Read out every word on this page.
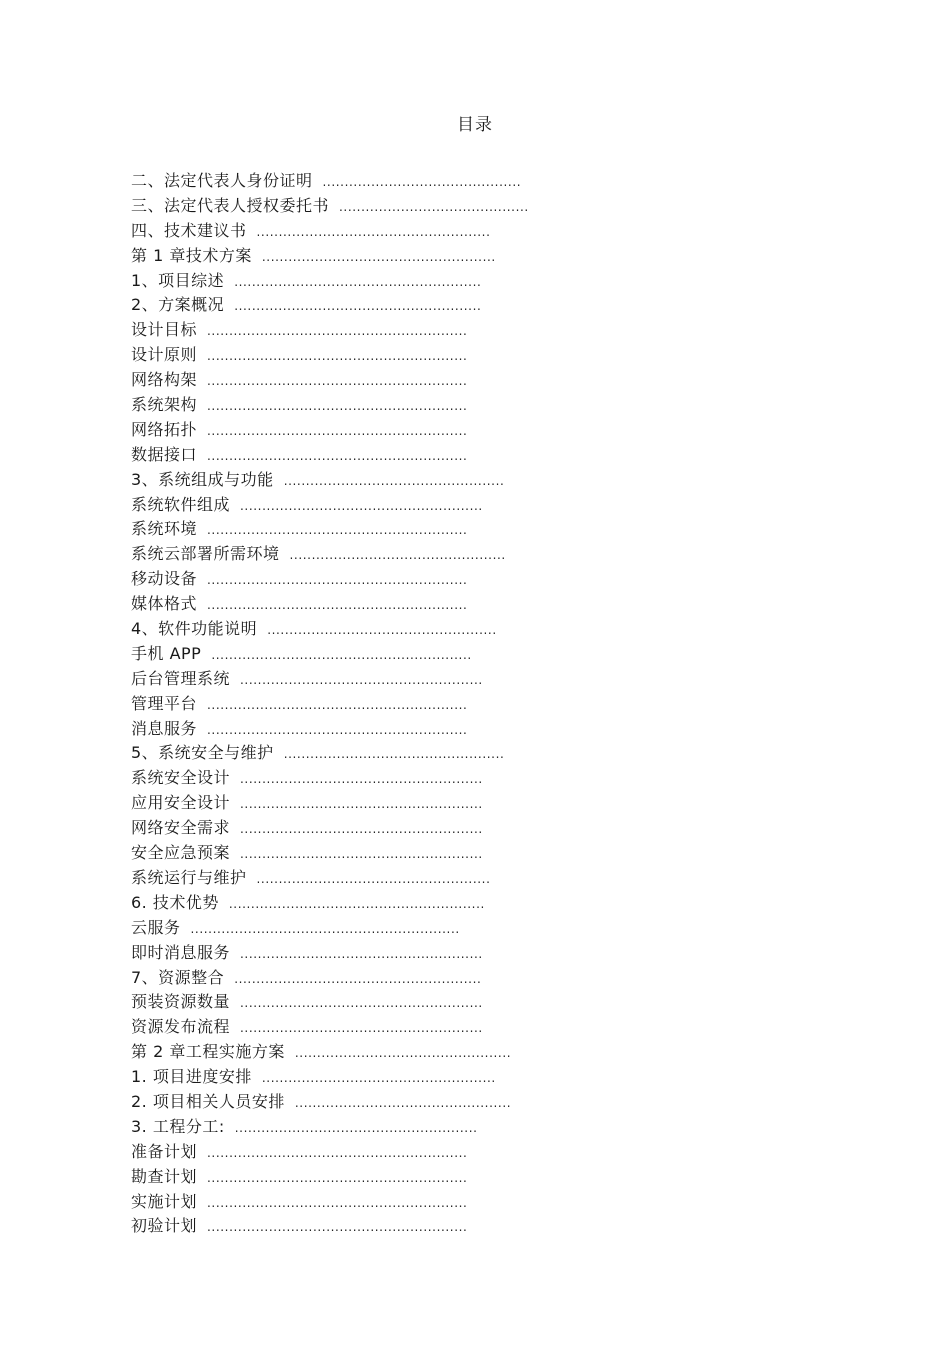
目录
二、法定代表人身份证明 .............................................
三、法定代表人授权委托书 ...........................................
四、技术建议书 .....................................................
第 1 章技术方案 .....................................................
1、项目综述 ........................................................
2、方案概况 ........................................................
设计目标 ...........................................................
设计原则 ...........................................................
网络构架 ...........................................................
系统架构 ...........................................................
网络拓扑 ...........................................................
数据接口 ...........................................................
3、系统组成与功能 ..................................................
系统软件组成 .......................................................
系统环境 ...........................................................
系统云部署所需环境 .................................................
移动设备 ...........................................................
媒体格式 ...........................................................
4、软件功能说明 ....................................................
手机 APP ...........................................................
后台管理系统 .......................................................
管理平台 ...........................................................
消息服务 ...........................................................
5、系统安全与维护 ..................................................
系统安全设计 .......................................................
应用安全设计 .......................................................
网络安全需求 .......................................................
安全应急预案 .......................................................
系统运行与维护 .....................................................
6. 技术优势 ..........................................................
云服务 .............................................................
即时消息服务 .......................................................
7、资源整合 ........................................................
预装资源数量 .......................................................
资源发布流程 .......................................................
第 2 章工程实施方案 .................................................
1. 项目进度安排 .....................................................
2. 项目相关人员安排 .................................................
3. 工程分工: .......................................................
准备计划 ...........................................................
勘查计划 ...........................................................
实施计划 ...........................................................
初验计划 ...........................................................
